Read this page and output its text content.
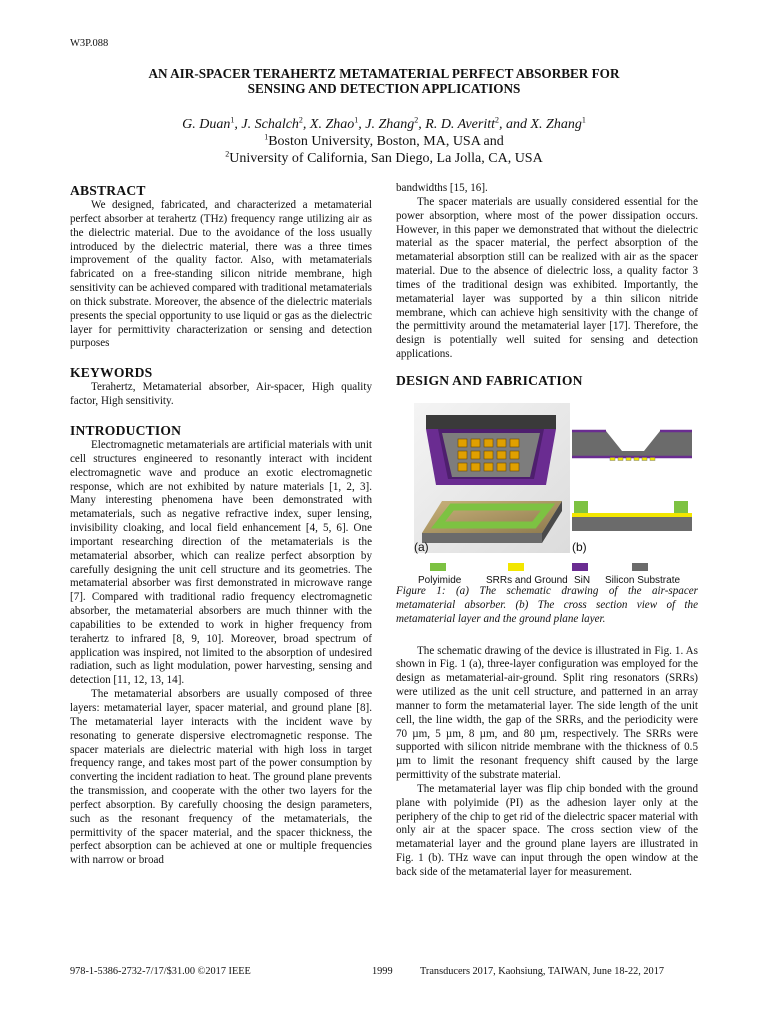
W3P.088
AN AIR-SPACER TERAHERTZ METAMATERIAL PERFECT ABSORBER FOR
SENSING AND DETECTION APPLICATIONS
G. Duan$^1$, J. Schalch$^2$, X. Zhao$^1$, J. Zhang$^2$, R. D. Averitt$^2$, and X. Zhang$^1$
$^1$Boston University, Boston, MA, USA and
$^2$University of California, San Diego, La Jolla, CA, USA
ABSTRACT

We designed, fabricated, and characterized a metamaterial perfect absorber at terahertz (THz) frequency range utilizing air as the dielectric material. Due to the avoidance of the loss usually introduced by the dielectric material, there was a three times improvement of the quality factor. Also, with metamaterials fabricated on a free-standing silicon nitride membrane, high sensitivity can be achieved compared with traditional metamaterials on thick substrate. Moreover, the absence of the dielectric materials presents the special opportunity to use liquid or gas as the dielectric layer for permittivity characterization or sensing and detection purposes

KEYWORDS

Terahertz, Metamaterial absorber, Air-spacer, High quality factor, High sensitivity.

INTRODUCTION

Electromagnetic metamaterials are artificial materials with unit cell structures engineered to resonantly interact with incident electromagnetic wave and produce an exotic electromagnetic response, which are not exhibited by nature materials [1, 2, 3]. Many interesting phenomena have been demonstrated with metamaterials, such as negative refractive index, super lensing, invisibility cloaking, and local field enhancement [4, 5, 6]. One important researching direction of the metamaterials is the metamaterial absorber, which can realize perfect absorption by carefully designing the unit cell structure and its geometries. The metamaterial absorber was first demonstrated in microwave range [7]. Compared with traditional radio frequency electromagnetic absorber, the metamaterial absorbers are much thinner with the capabilities to be extended to work in higher frequency from terahertz to infrared [8, 9, 10]. Moreover, broad spectrum of application was inspired, not limited to the absorption of undesired radiation, such as light modulation, power harvesting, sensing and detection [11, 12, 13, 14].

The metamaterial absorbers are usually composed of three layers: metamaterial layer, spacer material, and ground plane [8]. The metamaterial layer interacts with the incident wave by resonating to generate dispersive electromagnetic response. The spacer materials are dielectric material with high loss in target frequency range, and takes most part of the power consumption by converting the incident radiation to heat. The ground plane prevents the transmission, and cooperate with the other two layers for the perfect absorption. By carefully choosing the design parameters, such as the resonant frequency of the metamaterials, the permittivity of the spacer material, and the spacer thickness, the perfect absorption can be achieved at one or multiple frequencies with narrow or broad

bandwidths [15, 16].

The spacer materials are usually considered essential for the power absorption, where most of the power dissipation occurs. However, in this paper we demonstrated that without the dielectric material as the spacer material, the perfect absorption of the metamaterial absorption still can be realized with air as the spacer material. Due to the absence of dielectric loss, a quality factor 3 times of the traditional design was exhibited. Importantly, the metamaterial layer was supported by a thin silicon nitride membrane, which can achieve high sensitivity with the change of the permittivity around the metamaterial layer [17]. Therefore, the design is potentially well suited for sensing and detection applications.

DESIGN AND FABRICATION
(a)	(b)
Polyimide SRRs and Ground SiN Silicon Substrate

Figure 1: (a) The schematic drawing of the air-spacer metamaterial absorber. (b) The cross section view of the metamaterial layer and the ground plane layer.

The schematic drawing of the device is illustrated in Fig. 1. As shown in Fig. 1 (a), three-layer configuration was employed for the design as metamaterial-air-ground. Split ring resonators (SRRs) were utilized as the unit cell structure, and patterned in an array manner to form the metamaterial layer. The side length of the unit cell, the line width, the gap of the SRRs, and the periodicity were 70 µm, 5 µm, 8 µm, and 80 µm, respectively. The SRRs were supported with silicon nitride membrane with the thickness of 0.5 µm to limit the resonant frequency shift caused by the large permittivity of the substrate material.

The metamaterial layer was flip chip bonded with the ground plane with polyimide (PI) as the adhesion layer only at the periphery of the chip to get rid of the dielectric spacer material with only air at the spacer space. The cross section view of the metamaterial layer and the ground plane layers are illustrated in Fig. 1 (b). THz wave can input through the open window at the back side of the metamaterial layer for measurement.

978-1-5386-2732-7/17/$31.00 ©2017 IEEE	1999	Transducers 2017, Kaohsiung, TAIWAN, June 18-22, 2017
